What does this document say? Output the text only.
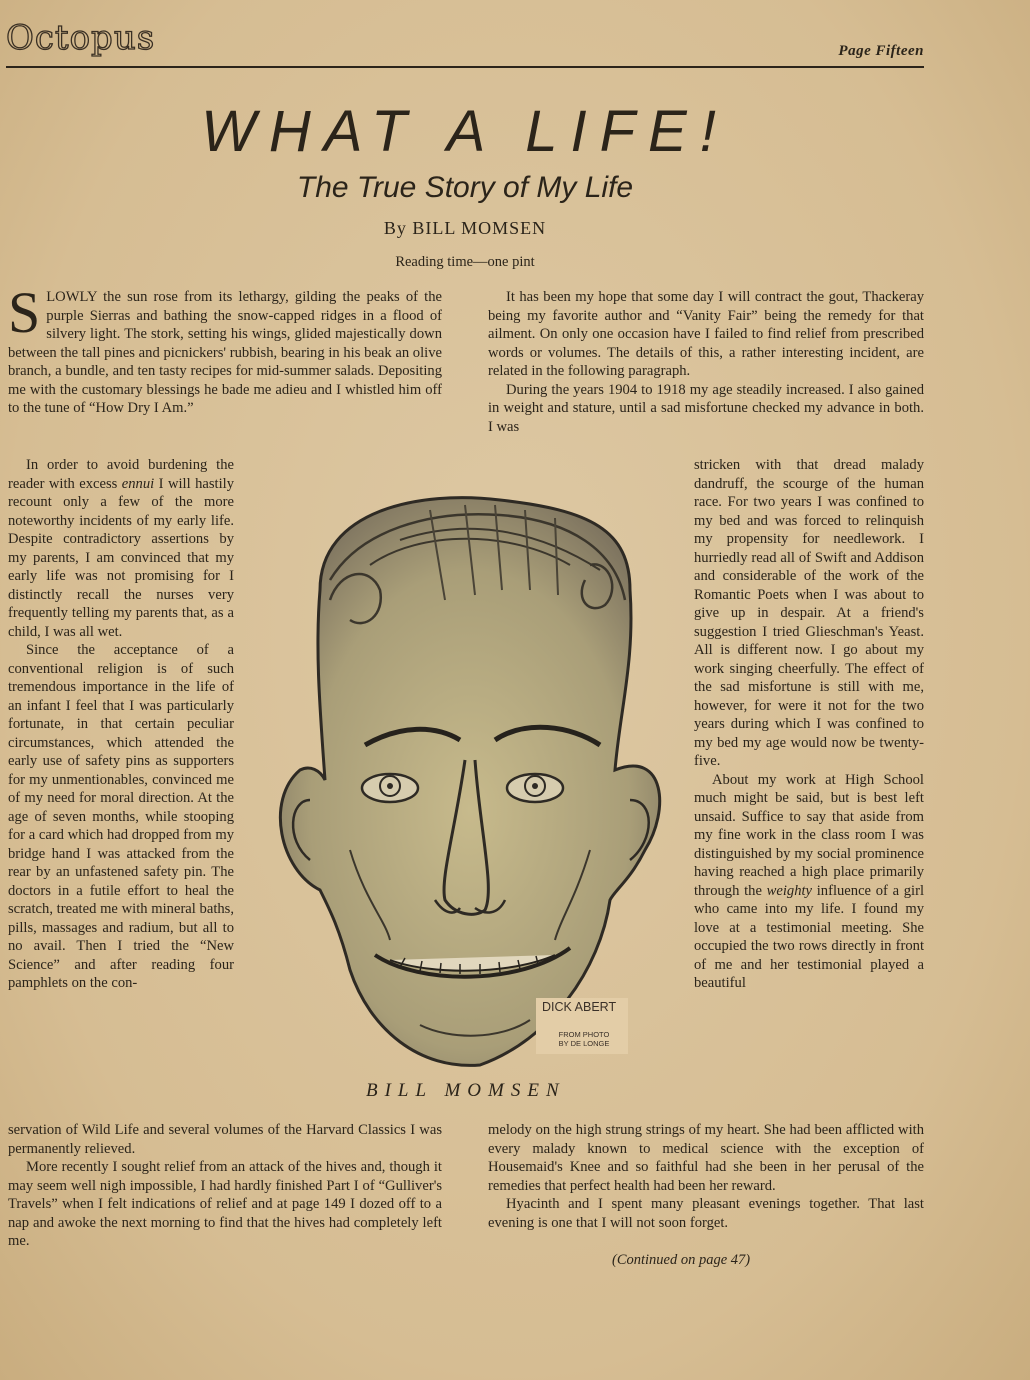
Octopus	Page Fifteen
WHAT A LIFE!
The True Story of My Life
By BILL MOMSEN
Reading time—one pint

SLOWLY the sun rose from its lethargy, gilding the peaks of the purple Sierras and bathing the snow-capped ridges in a flood of silvery light. The stork, setting his wings, glided majestically down between the tall pines and picnickers' rubbish, bearing in his beak an olive branch, a bundle, and ten tasty recipes for mid-summer salads. Depositing me with the customary blessings he bade me adieu and I whistled him off to the tune of “How Dry I Am.”

In order to avoid burdening the reader with excess ennui I will hastily recount only a few of the more noteworthy incidents of my early life. Despite contradictory assertions by my parents, I am convinced that my early life was not promising for I distinctly recall the nurses very frequently telling my parents that, as a child, I was all wet.

Since the acceptance of a conventional religion is of such tremendous importance in the life of an infant I feel that I was particularly fortunate, in that certain peculiar circumstances, which attended the early use of safety pins as supporters for my unmentionables, convinced me of my need for moral direction. At the age of seven months, while stooping for a card which had dropped from my bridge hand I was attacked from the rear by an unfastened safety pin. The doctors in a futile effort to heal the scratch, treated me with mineral baths, pills, massages and radium, but all to no avail. Then I tried the “New Science” and after reading four pamphlets on the con-

servation of Wild Life and several volumes of the Harvard Classics I was permanently relieved.

More recently I sought relief from an attack of the hives and, though it may seem well nigh impossible, I had hardly finished Part I of “Gulliver's Travels” when I felt indications of relief and at page 149 I dozed off to a nap and awoke the next morning to find that the hives had completely left me.

It has been my hope that some day I will contract the gout, Thackeray being my favorite author and “Vanity Fair” being the remedy for that ailment. On only one occasion have I failed to find relief from prescribed words or volumes. The details of this, a rather interesting incident, are related in the following paragraph.

During the years 1904 to 1918 my age steadily increased. I also gained in weight and stature, until a sad misfortune checked my advance in both. I was

stricken with that dread malady dandruff, the scourge of the human race. For two years I was confined to my bed and was forced to relinquish my propensity for needlework. I hurriedly read all of Swift and Addison and considerable of the work of the Romantic Poets when I was about to give up in despair. At a friend's suggestion I tried Glieschman's Yeast. All is different now. I go about my work singing cheerfully. The effect of the sad misfortune is still with me, however, for were it not for the two years during which I was confined to my bed my age would now be twenty-five.

About my work at High School much might be said, but is best left unsaid. Suffice to say that aside from my fine work in the class room I was distinguished by my social prominence having reached a high place primarily through the weighty influence of a girl who came into my life. I found my love at a testimonial meeting. She occupied the two rows directly in front of me and her testimonial played a beautiful

melody on the high strung strings of my heart. She had been afflicted with every malady known to medical science with the exception of Housemaid's Knee and so faithful had she been in her perusal of the remedies that perfect health had been her reward.

Hyacinth and I spent many pleasant evenings together. That last evening is one that I will not soon forget.

(Continued on page 47)
DICK ABERT
FROM PHOTO
BY DE LONGE
BILL MOMSEN
